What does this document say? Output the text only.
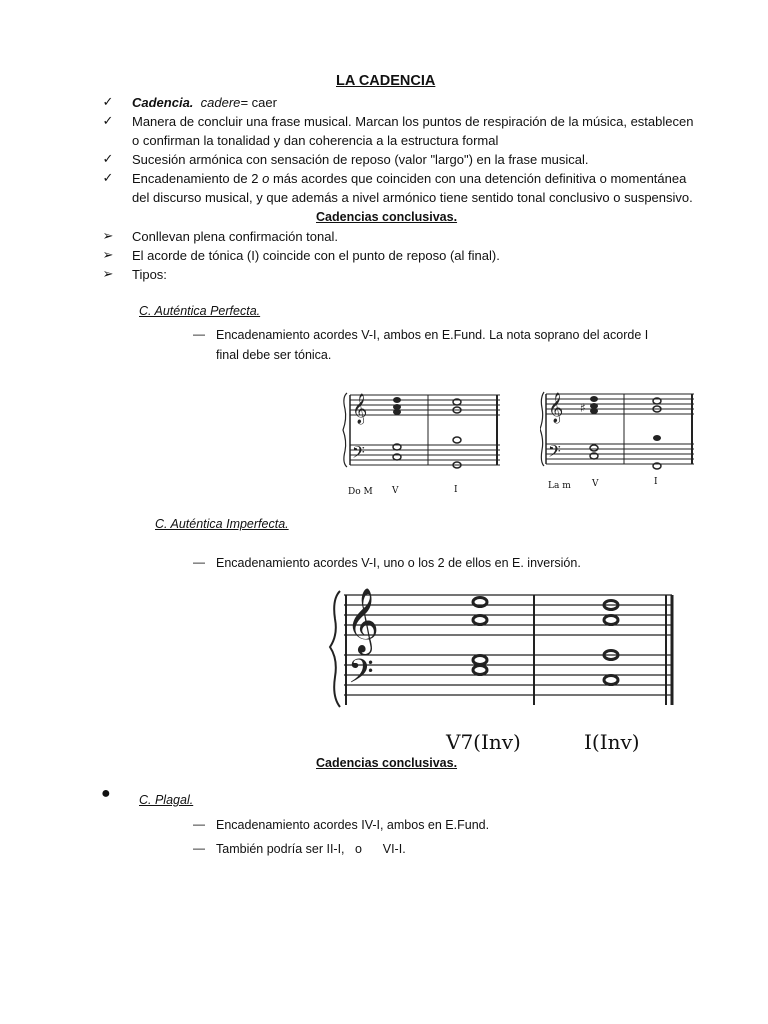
LA CADENCIA
✓ Cadencia. cadere= caer
✓ Manera de concluir una frase musical. Marcan los puntos de respiración de la música, establecen
o confirman la tonalidad y dan coherencia a la estructura formal
✓ Sucesión armónica con sensación de reposo (valor "largo") en la frase musical.
✓ Encadenamiento de 2 o más acordes que coinciden con una detención definitiva o momentánea
del discurso musical, y que además a nivel armónico tiene sentido tonal conclusivo o suspensivo.
Cadencias conclusivas.
➢ Conllevan plena confirmación tonal.
➢ El acorde de tónica (I) coincide con el punto de reposo (al final).
➢ Tipos:
C. Auténtica Perfecta.
— Encadenamiento acordes V-I, ambos en E.Fund. La nota soprano del acorde I
final debe ser tónica.
𝄞
𝄢
Do M V	I
𝄞
𝄢
♯
La m V	I
C. Auténtica Imperfecta.
— Encadenamiento acordes V-I, uno o los 2 de ellos en E. inversión.
𝄞
𝄢
V7(Inv)	I(Inv)
Cadencias conclusivas.
● C. Plagal.
— Encadenamiento acordes IV-I, ambos en E.Fund.
— También podría ser II-I, o VI-I.
